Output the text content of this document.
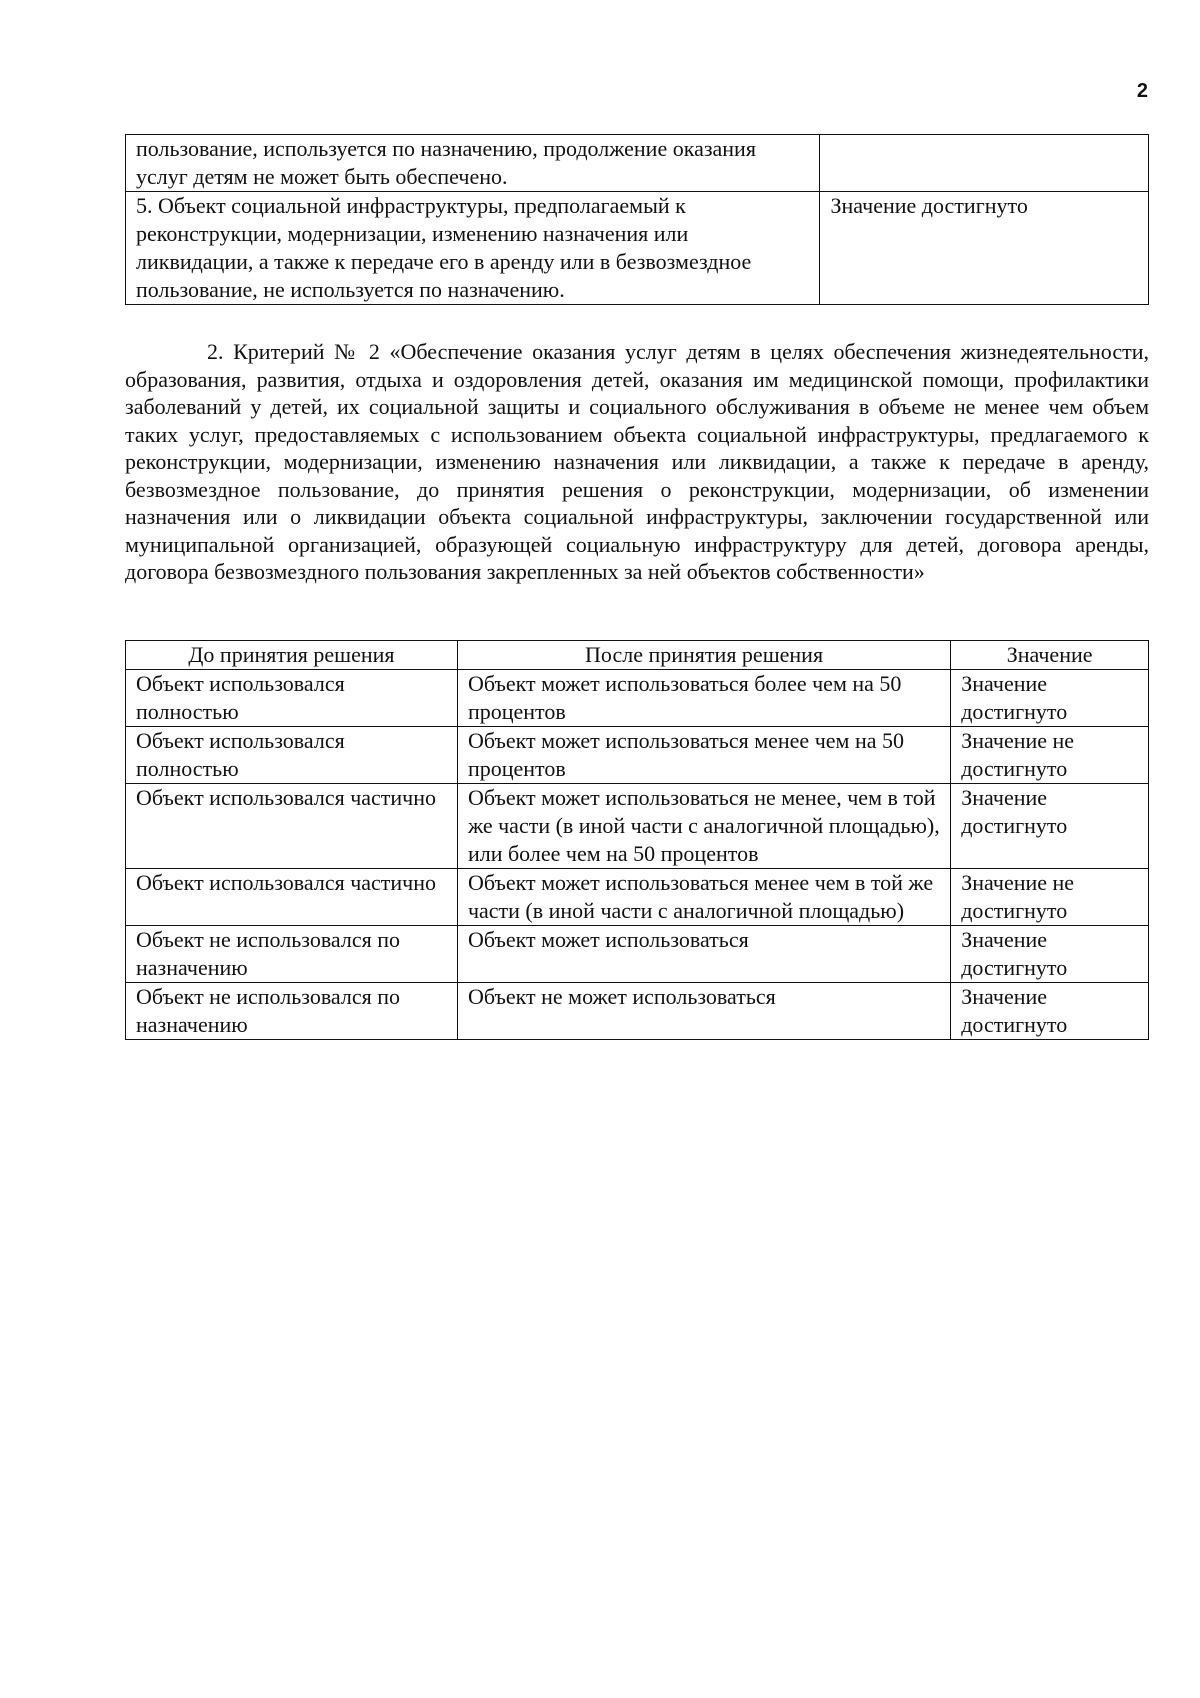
2
пользование, используется по назначению, продолжение оказания услуг детям не может быть обеспечено.	
5. Объект социальной инфраструктуры, предполагаемый к реконструкции, модернизации, изменению назначения или ликвидации, а также к передаче его в аренду или в безвозмездное пользование, не используется по назначению.	Значение достигнуто

2. Критерий № 2 «Обеспечение оказания услуг детям в целях обеспечения жизнедеятельности, образования, развития, отдыха и оздоровления детей, оказания им медицинской помощи, профилактики заболеваний у детей, их социальной защиты и социального обслуживания в объеме не менее чем объем таких услуг, предоставляемых с использованием объекта социальной инфраструктуры, предлагаемого к реконструкции, модернизации, изменению назначения или ликвидации, а также к передаче в аренду, безвозмездное пользование, до принятия решения о реконструкции, модернизации, об изменении назначения или о ликвидации объекта социальной инфраструктуры, заключении государственной или муниципальной организацией, образующей социальную инфраструктуру для детей, договора аренды, договора безвозмездного пользования закрепленных за ней объектов собственности»

До принятия решения	После принятия решения	Значение
Объект использовался полностью	Объект может использоваться более чем на 50 процентов	Значение достигнуто
Объект использовался полностью	Объект может использоваться менее чем на 50 процентов	Значение не достигнуто
Объект использовался частично	Объект может использоваться не менее, чем в той же части (в иной части с аналогичной площадью), или более чем на 50 процентов	Значение достигнуто
Объект использовался частично	Объект может использоваться менее чем в той же части (в иной части с аналогичной площадью)	Значение не достигнуто
Объект не использовался по назначению	Объект может использоваться	Значение достигнуто
Объект не использовался по назначению	Объект не может использоваться	Значение достигнуто
